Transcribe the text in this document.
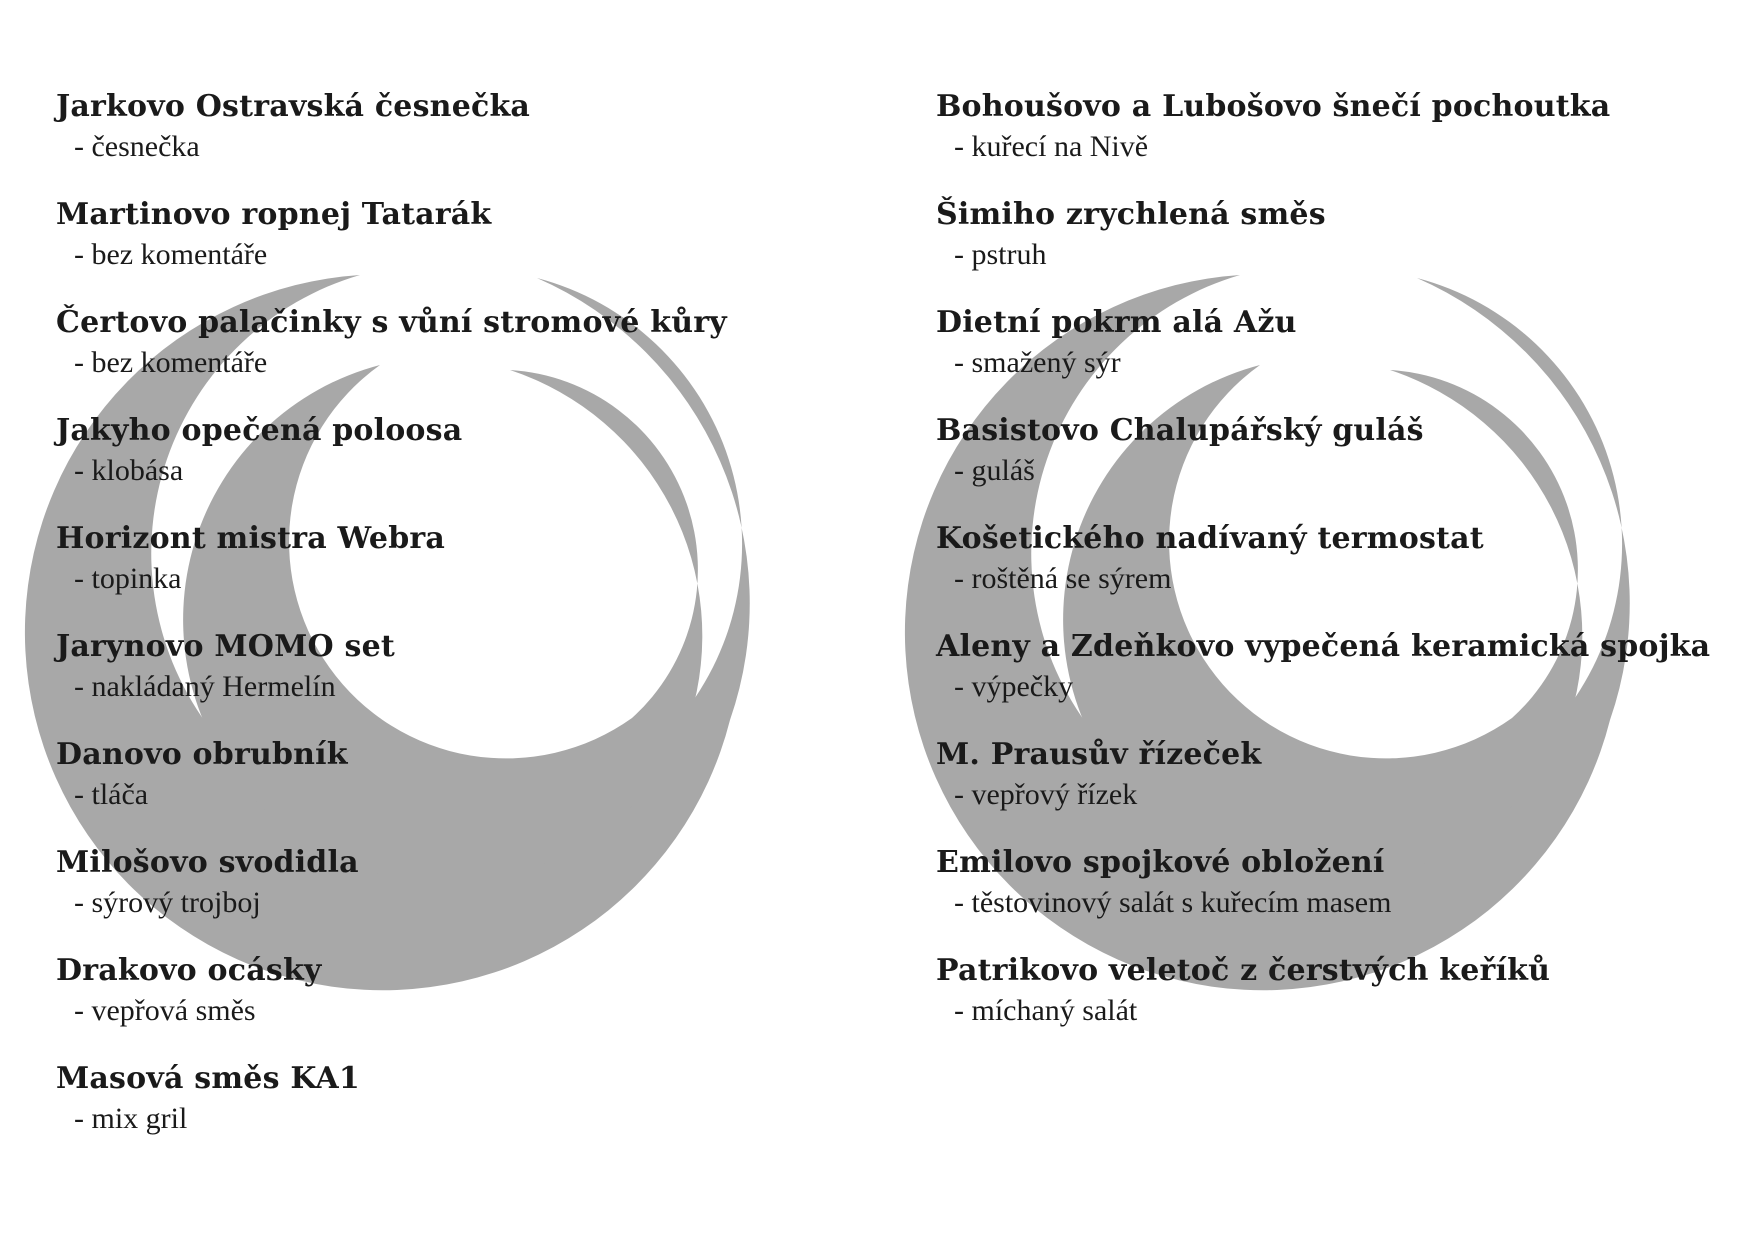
Jarkovo Ostravská česnečka
- česnečka
Martinovo ropnej Tatarák
- bez komentáře
Čertovo palačinky s vůní stromové kůry
- bez komentáře
Jakyho opečená poloosa
- klobása
Horizont mistra Webra
- topinka
Jarynovo MOMO set
- nakládaný Hermelín
Danovo obrubník
- tláča
Milošovo svodidla
- sýrový trojboj
Drakovo ocásky
- vepřová směs
Masová směs KA1
- mix gril
Bohoušovo a Lubošovo šnečí pochoutka
- kuřecí na Nivě
Šimiho zrychlená směs
- pstruh
Dietní pokrm alá Ažu
- smažený sýr
Basistovo Chalupářský guláš
- guláš
Košetického nadívaný termostat
- roštěná se sýrem
Aleny a Zdeňkovo vypečená keramická spojka
- výpečky
M. Prausův řízeček
- vepřový řízek
Emilovo spojkové obložení
- těstovinový salát s kuřecím masem
Patrikovo veletoč z čerstvých keříků
- míchaný salát
